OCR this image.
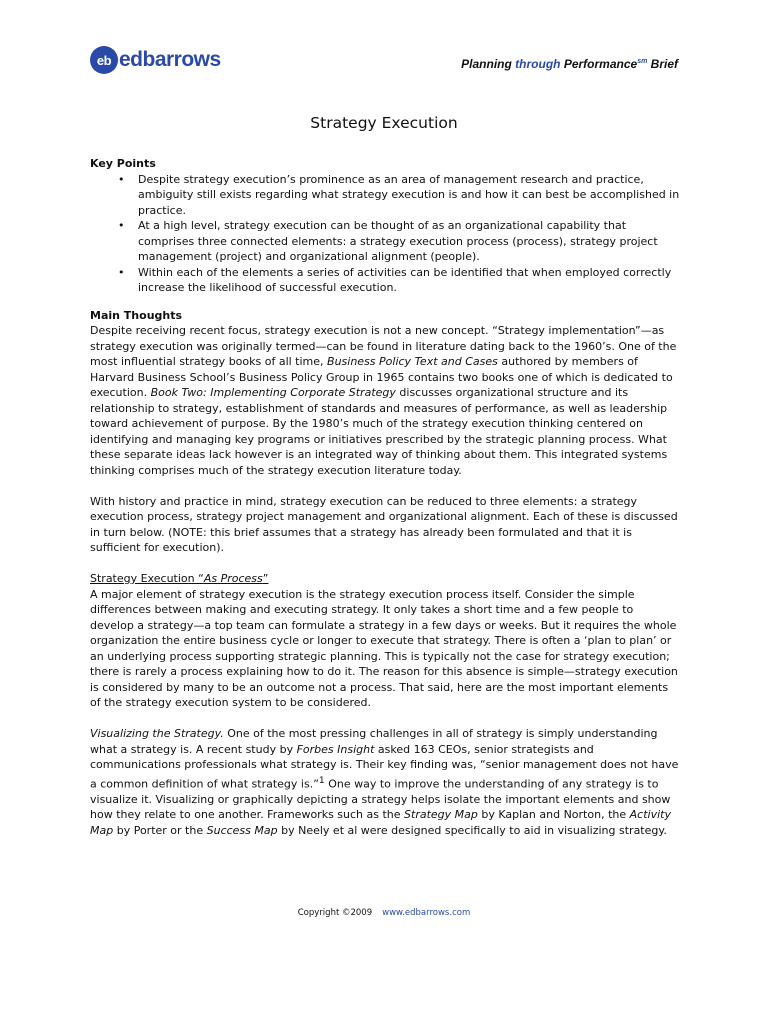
eb edbarrows	Planning through Performance$^{sm}$ Brief
Strategy Execution
Key Points
• Despite strategy execution’s prominence as an area of management research and practice, ambiguity still exists regarding what strategy execution is and how it can best be accomplished in practice.
• At a high level, strategy execution can be thought of as an organizational capability that comprises three connected elements: a strategy execution process (process), strategy project management (project) and organizational alignment (people).
• Within each of the elements a series of activities can be identified that when employed correctly increase the likelihood of successful execution.
Main Thoughts

Despite receiving recent focus, strategy execution is not a new concept. “Strategy implementation”—as strategy execution was originally termed—can be found in literature dating back to the 1960’s. One of the most influential strategy books of all time, Business Policy Text and Cases authored by members of Harvard Business School’s Business Policy Group in 1965 contains two books one of which is dedicated to execution. Book Two: Implementing Corporate Strategy discusses organizational structure and its relationship to strategy, establishment of standards and measures of performance, as well as leadership toward achievement of purpose. By the 1980’s much of the strategy execution thinking centered on identifying and managing key programs or initiatives prescribed by the strategic planning process. What these separate ideas lack however is an integrated way of thinking about them. This integrated systems thinking comprises much of the strategy execution literature today.

With history and practice in mind, strategy execution can be reduced to three elements: a strategy execution process, strategy project management and organizational alignment. Each of these is discussed in turn below. (NOTE: this brief assumes that a strategy has already been formulated and that it is sufficient for execution).

Strategy Execution “As Process”

A major element of strategy execution is the strategy execution process itself. Consider the simple differences between making and executing strategy. It only takes a short time and a few people to develop a strategy—a top team can formulate a strategy in a few days or weeks. But it requires the whole organization the entire business cycle or longer to execute that strategy. There is often a ‘plan to plan’ or an underlying process supporting strategic planning. This is typically not the case for strategy execution; there is rarely a process explaining how to do it. The reason for this absence is simple—strategy execution is considered by many to be an outcome not a process. That said, here are the most important elements of the strategy execution system to be considered.

Visualizing the Strategy. One of the most pressing challenges in all of strategy is simply understanding what a strategy is. A recent study by Forbes Insight asked 163 CEOs, senior strategists and communications professionals what strategy is. Their key finding was, “senior management does not have a common definition of what strategy is.”$^1$ One way to improve the understanding of any strategy is to visualize it. Visualizing or graphically depicting a strategy helps isolate the important elements and show how they relate to one another. Frameworks such as the Strategy Map by Kaplan and Norton, the Activity Map by Porter or the Success Map by Neely et al were designed specifically to aid in visualizing strategy.

Copyright ©2009 www.edbarrows.com
